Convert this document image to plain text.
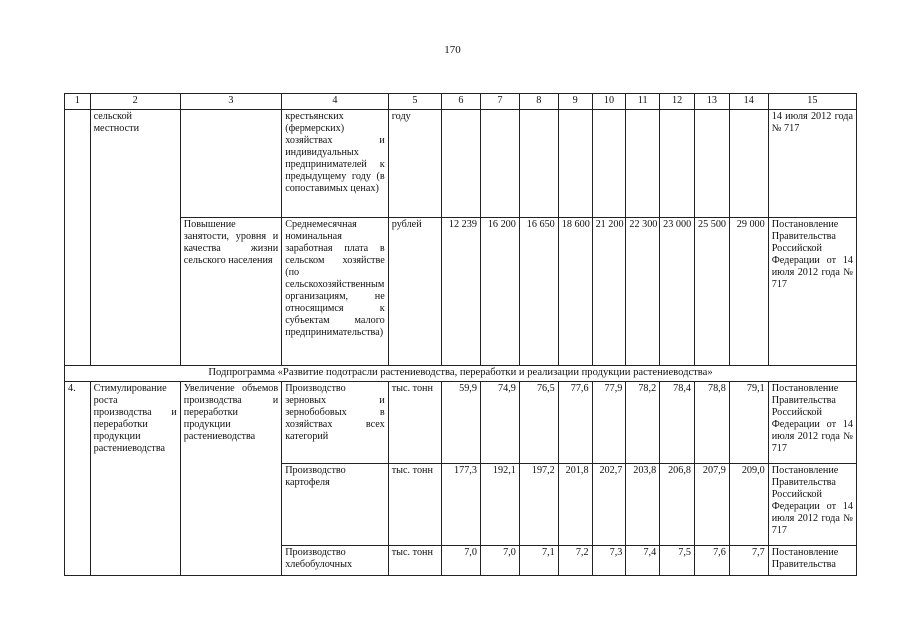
170
1	2	3	4	5	6	7	8	9	10	11	12	13	14	15
	сельской местности		крестьянских (фермерских) хозяйствах и индивидуальных предпринимателей к предыдущему году (в сопоставимых ценах)	году										14 июля 2012 года № 717
		Повышение занятости, уровня и качества жизни сельского населения	Среднемесячная номинальная заработная плата в сельском хозяйстве (по сельскохозяйственным организациям, не относящимся к субъектам малого предпринимательства)	рублей	12 239	16 200	16 650	18 600	21 200	22 300	23 000	25 500	29 000	Постановление Правительства Российской Федерации от 14 июля 2012 года № 717
Подпрограмма «Развитие подотрасли растениеводства, переработки и реализации продукции растениеводства»														
4.	Стимулирование роста производства и переработки продукции растениеводства	Увеличение объемов производства и переработки продукции растениеводства	Производство зерновых и зернобобовых в хозяйствах всех категорий	тыс. тонн	59,9	74,9	76,5	77,6	77,9	78,2	78,4	78,8	79,1	Постановление Правительства Российской Федерации от 14 июля 2012 года № 717
			Производство картофеля	тыс. тонн	177,3	192,1	197,2	201,8	202,7	203,8	206,8	207,9	209,0	Постановление Правительства Российской Федерации от 14 июля 2012 года № 717
			Производство хлебобулочных	тыс. тонн	7,0	7,0	7,1	7,2	7,3	7,4	7,5	7,6	7,7	Постановление Правительства
